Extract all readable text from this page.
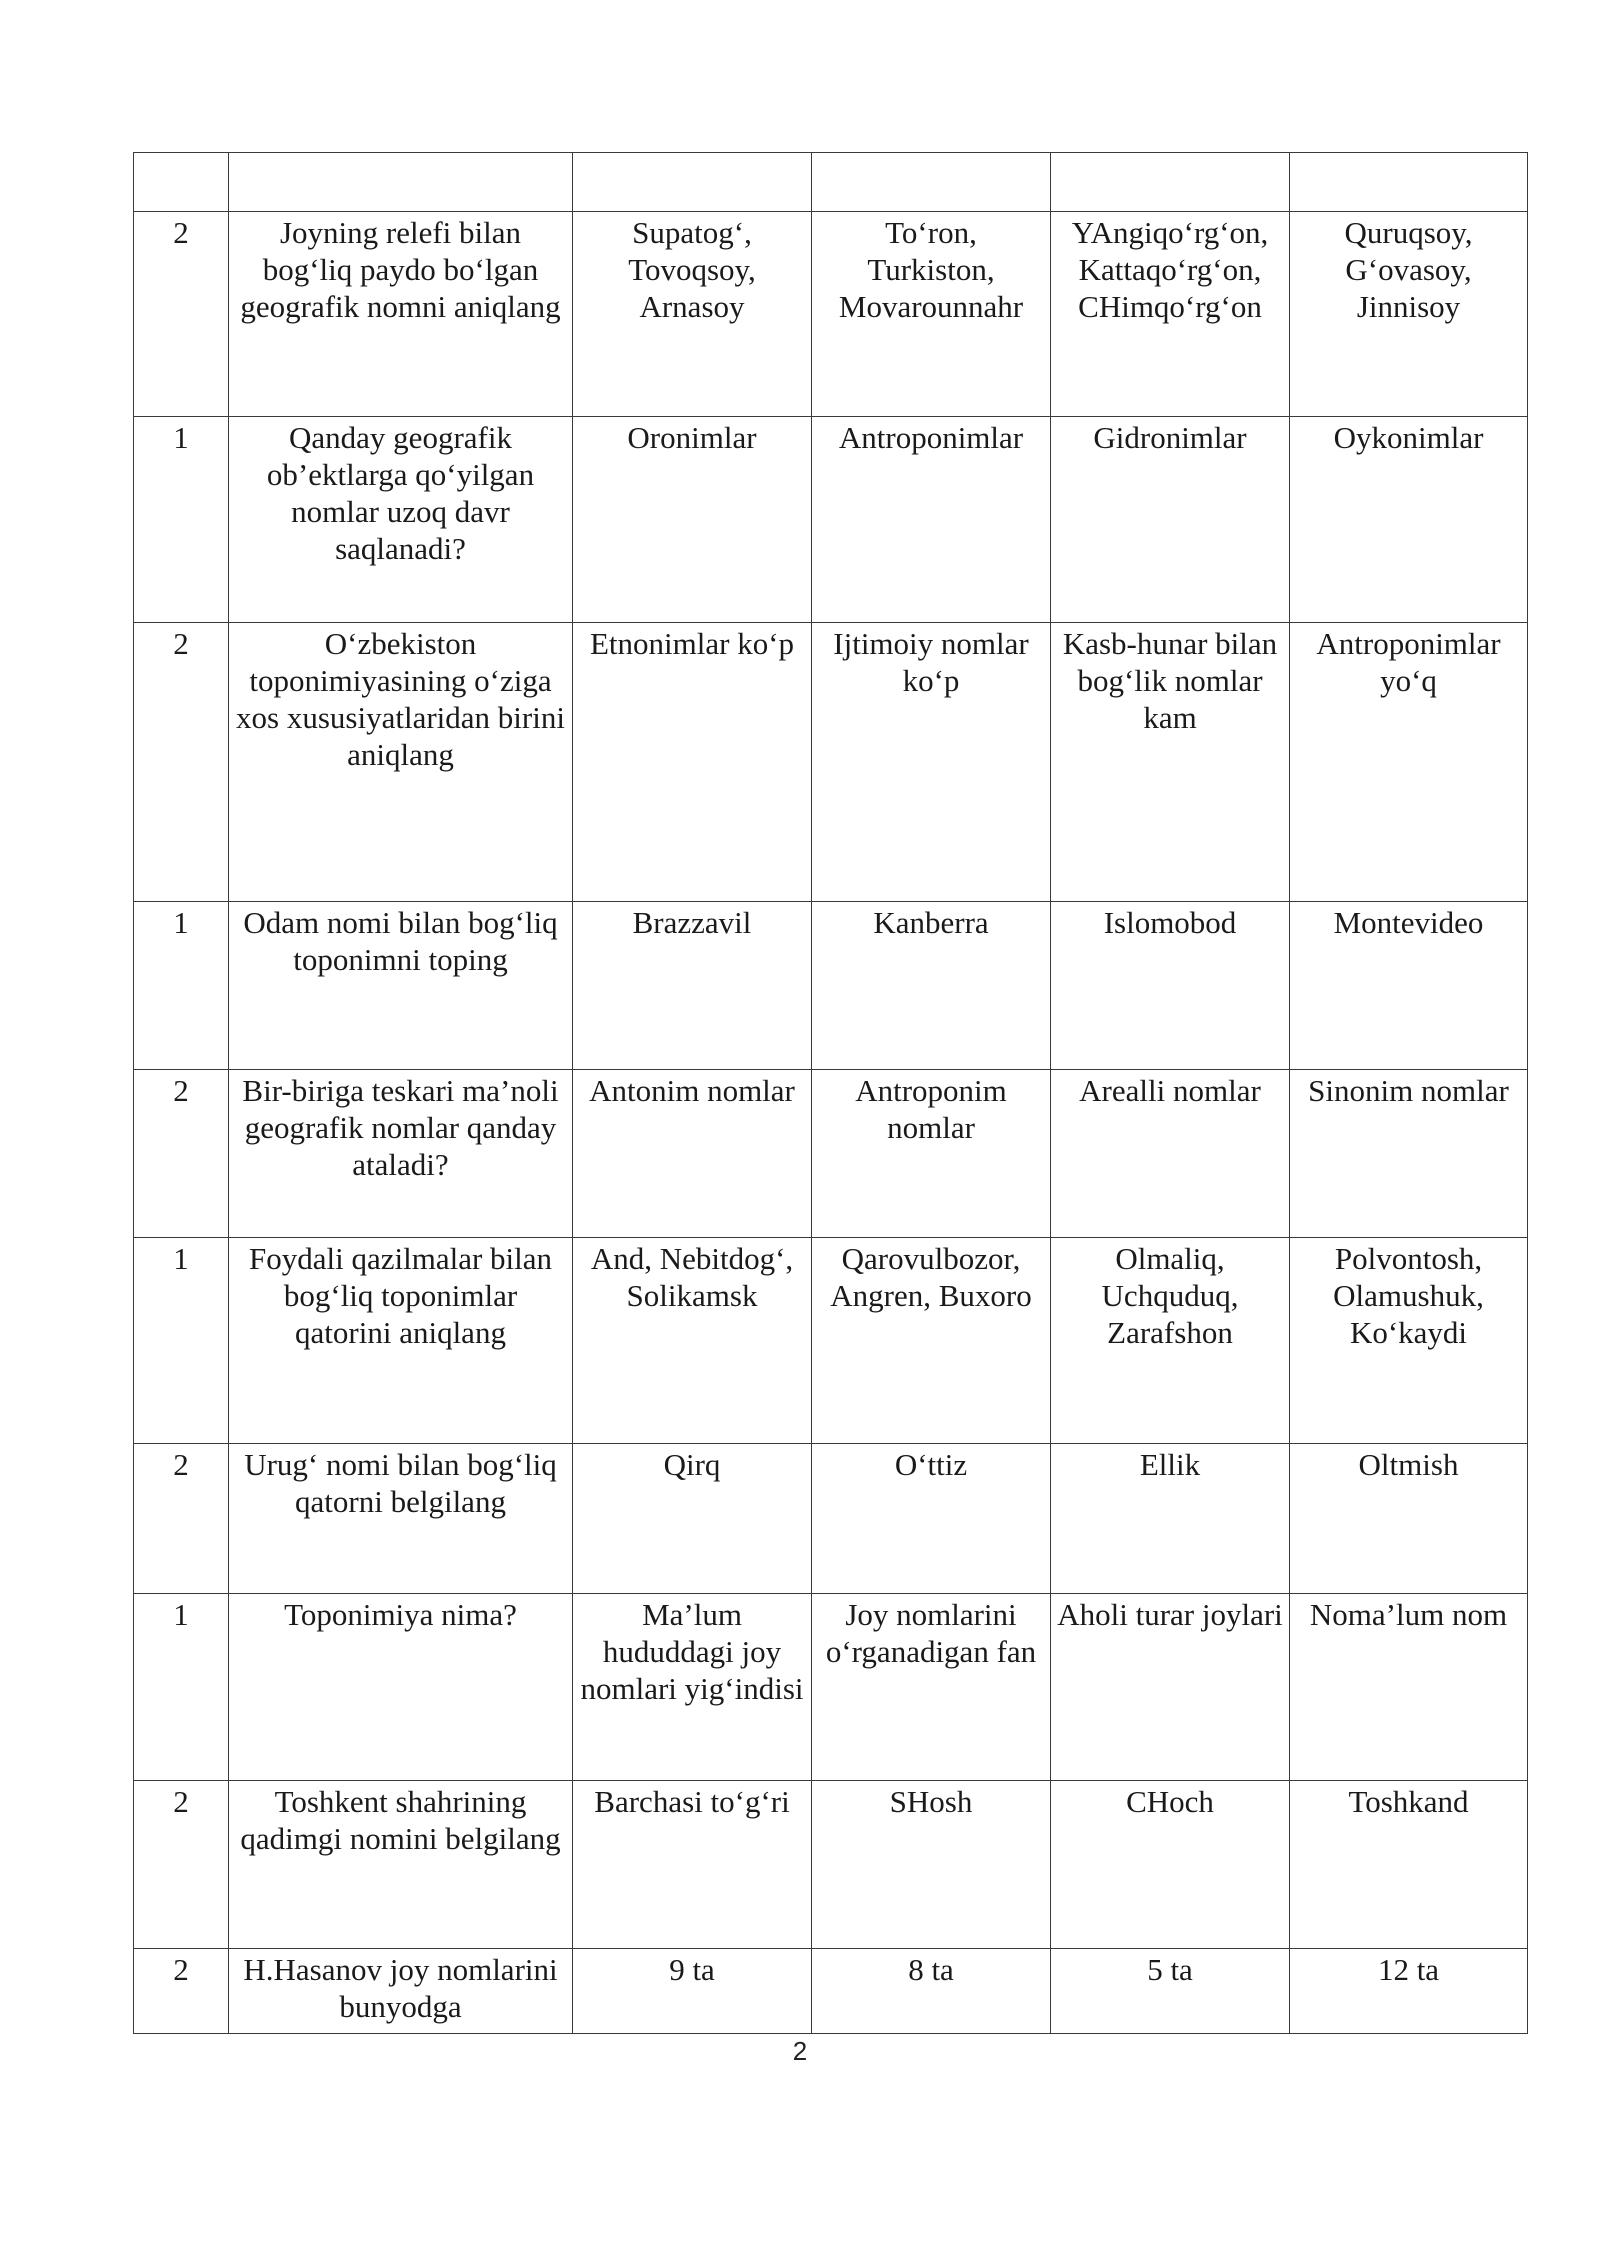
2	Joyning relefi bilan bog‘liq paydo bo‘lgan geografik nomni aniqlang	Supatog‘, Tovoqsoy, Arnasoy	To‘ron, Turkiston, Movarounnahr	YAngiqo‘rg‘on, Kattaqo‘rg‘on, CHimqo‘rg‘on	Quruqsoy, G‘ovasoy, Jinnisoy
1	Qanday geografik ob’ektlarga qo‘yilgan nomlar uzoq davr saqlanadi?	Oronimlar	Antroponimlar	Gidronimlar	Oykonimlar
2	O‘zbekiston toponimiyasining o‘ziga xos xususiyatlaridan birini aniqlang	Etnonimlar ko‘p	Ijtimoiy nomlar ko‘p	Kasb-hunar bilan bog‘lik nomlar kam	Antroponimlar yo‘q
1	Odam nomi bilan bog‘liq toponimni toping	Brazzavil	Kanberra	Islomobod	Montevideo
2	Bir-biriga teskari ma’noli geografik nomlar qanday ataladi?	Antonim nomlar	Antroponim nomlar	Arealli nomlar	Sinonim nomlar
1	Foydali qazilmalar bilan bog‘liq toponimlar qatorini aniqlang	And, Nebitdog‘, Solikamsk	Qarovulbozor, Angren, Buxoro	Olmaliq, Uchquduq, Zarafshon	Polvontosh, Olamushuk, Ko‘kaydi
2	Urug‘ nomi bilan bog‘liq qatorni belgilang	Qirq	O‘ttiz	Ellik	Oltmish
1	Toponimiya nima?	Ma’lum hududdagi joy nomlari yig‘indisi	Joy nomlarini o‘rganadigan fan	Aholi turar joylari	Noma’lum nom
2	Toshkent shahrining qadimgi nomini belgilang	Barchasi to‘g‘ri	SHosh	CHoch	Toshkand
2	H.Hasanov joy nomlarini bunyodga	9 ta	8 ta	5 ta	12 ta
2
